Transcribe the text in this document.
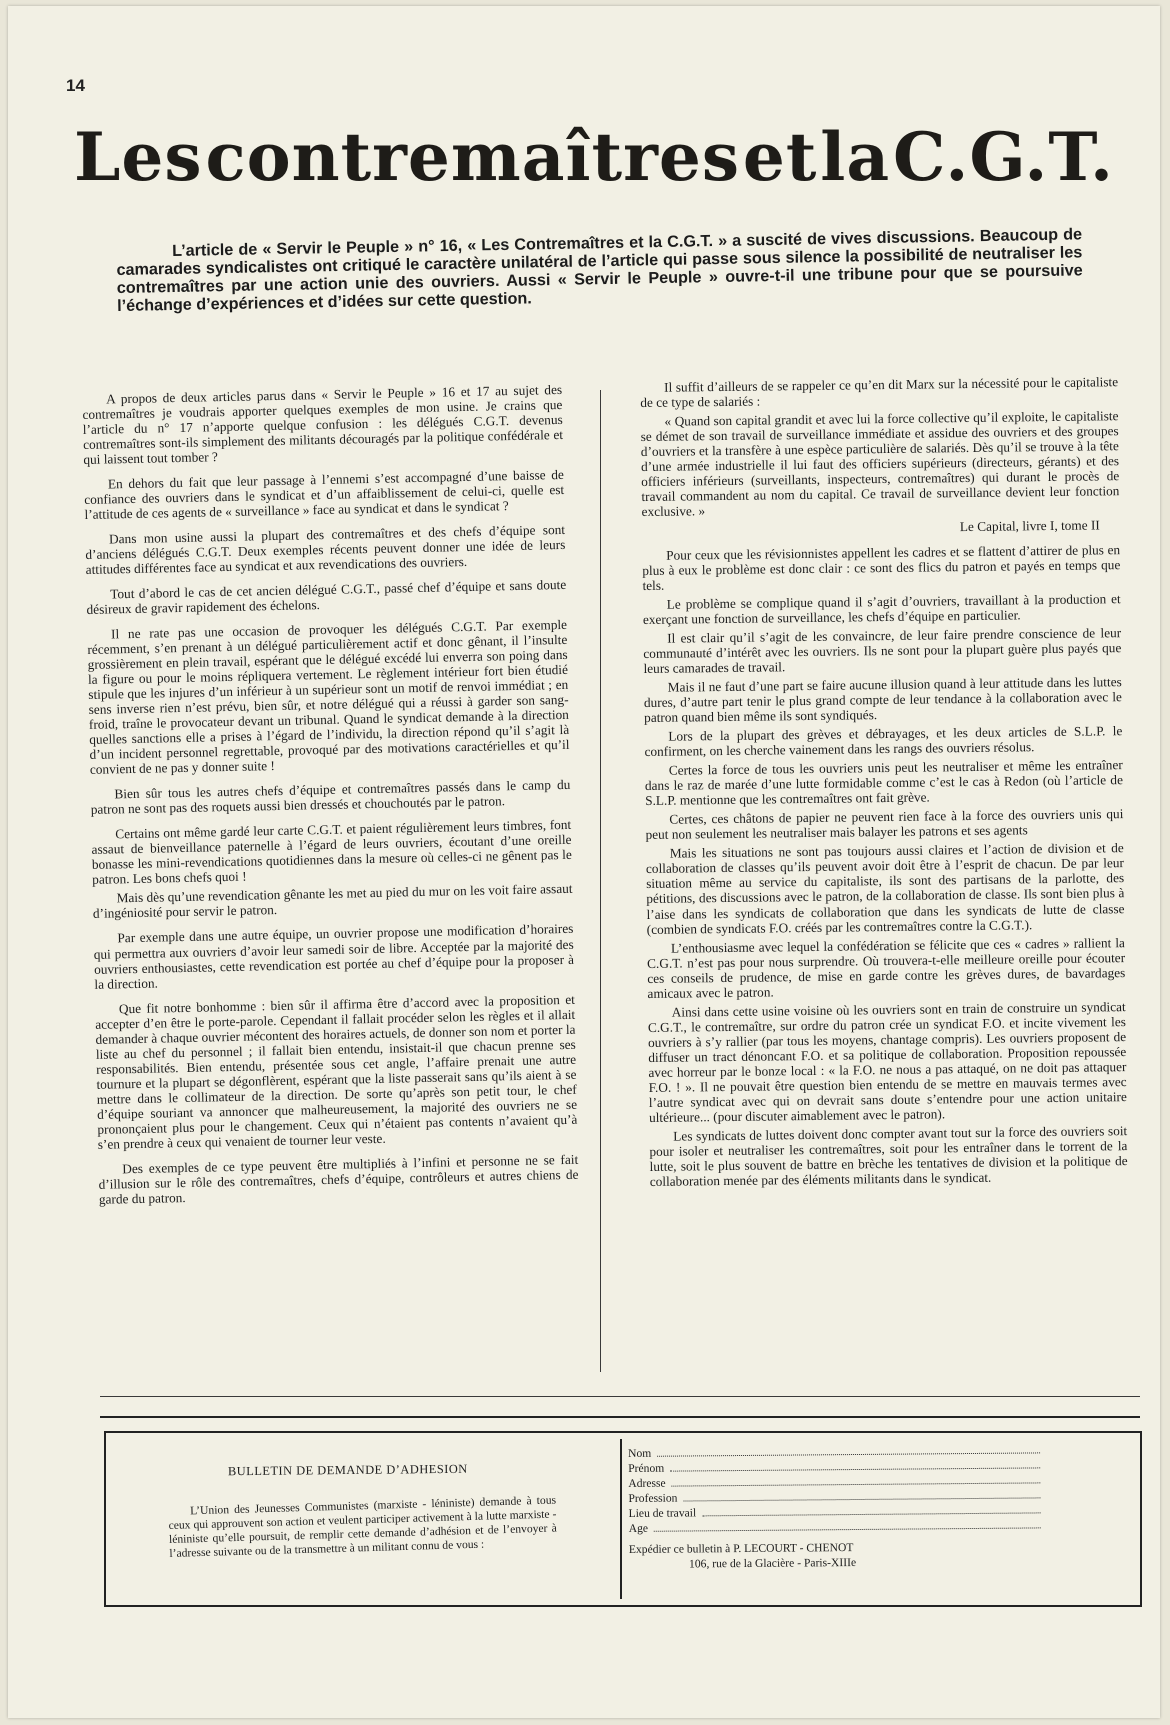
14
Les contremaîtres et la C.G.T.

L’article de « Servir le Peuple » n° 16, « Les Contremaîtres et la C.G.T. » a suscité de vives discussions. Beaucoup de camarades syndicalistes ont critiqué le caractère unilatéral de l’article qui passe sous silence la possibilité de neutraliser les contremaîtres par une action unie des ouvriers. Aussi « Servir le Peuple » ouvre-t-il une tribune pour que se poursuive l’échange d’expériences et d’idées sur cette question.

A propos de deux articles parus dans « Servir le Peuple » 16 et 17 au sujet des contremaîtres je voudrais apporter quelques exemples de mon usine. Je crains que l’article du n° 17 n’apporte quelque confusion : les délégués C.G.T. devenus contremaîtres sont-ils simplement des militants découragés par la politique confédérale et qui laissent tout tomber ?

En dehors du fait que leur passage à l’ennemi s’est accompagné d’une baisse de confiance des ouvriers dans le syndicat et d’un affaiblissement de celui-ci, quelle est l’attitude de ces agents de « surveillance » face au syndicat et dans le syndicat ?

Dans mon usine aussi la plupart des contremaîtres et des chefs d’équipe sont d’anciens délégués C.G.T. Deux exemples récents peuvent donner une idée de leurs attitudes différentes face au syndicat et aux revendications des ouvriers.

Tout d’abord le cas de cet ancien délégué C.G.T., passé chef d’équipe et sans doute désireux de gravir rapidement des échelons.

Il ne rate pas une occasion de provoquer les délégués C.G.T. Par exemple récemment, s’en prenant à un délégué particulièrement actif et donc gênant, il l’insulte grossièrement en plein travail, espérant que le délégué excédé lui enverra son poing dans la figure ou pour le moins répliquera vertement. Le règlement intérieur fort bien étudié stipule que les injures d’un inférieur à un supérieur sont un motif de renvoi immédiat ; en sens inverse rien n’est prévu, bien sûr, et notre délégué qui a réussi à garder son sang-froid, traîne le provocateur devant un tribunal. Quand le syndicat demande à la direction quelles sanctions elle a prises à l’égard de l’individu, la direction répond qu’il s’agit là d’un incident personnel regrettable, provoqué par des motivations caractérielles et qu’il convient de ne pas y donner suite !

Bien sûr tous les autres chefs d’équipe et contremaîtres passés dans le camp du patron ne sont pas des roquets aussi bien dressés et chouchoutés par le patron.

Certains ont même gardé leur carte C.G.T. et paient régulièrement leurs timbres, font assaut de bienveillance paternelle à l’égard de leurs ouvriers, écoutant d’une oreille bonasse les mini-revendications quotidiennes dans la mesure où celles-ci ne gênent pas le patron. Les bons chefs quoi !

Mais dès qu’une revendication gênante les met au pied du mur on les voit faire assaut d’ingéniosité pour servir le patron.

Par exemple dans une autre équipe, un ouvrier propose une modification d’horaires qui permettra aux ouvriers d’avoir leur samedi soir de libre. Acceptée par la majorité des ouvriers enthousiastes, cette revendication est portée au chef d’équipe pour la proposer à la direction.

Que fit notre bonhomme : bien sûr il affirma être d’accord avec la proposition et accepter d’en être le porte-parole. Cependant il fallait procéder selon les règles et il allait demander à chaque ouvrier mécontent des horaires actuels, de donner son nom et porter la liste au chef du personnel ; il fallait bien entendu, insistait-il que chacun prenne ses responsabilités. Bien entendu, présentée sous cet angle, l’affaire prenait une autre tournure et la plupart se dégonflèrent, espérant que la liste passerait sans qu’ils aient à se mettre dans le collimateur de la direction. De sorte qu’après son petit tour, le chef d’équipe souriant va annoncer que malheureusement, la majorité des ouvriers ne se prononçaient plus pour le changement. Ceux qui n’étaient pas contents n’avaient qu’à s’en prendre à ceux qui venaient de tourner leur veste.

Des exemples de ce type peuvent être multipliés à l’infini et personne ne se fait d’illusion sur le rôle des contremaîtres, chefs d’équipe, contrôleurs et autres chiens de garde du patron.

Il suffit d’ailleurs de se rappeler ce qu’en dit Marx sur la nécessité pour le capitaliste de ce type de salariés :

« Quand son capital grandit et avec lui la force collective qu’il exploite, le capitaliste se démet de son travail de surveillance immédiate et assidue des ouvriers et des groupes d’ouvriers et la transfère à une espèce particulière de salariés. Dès qu’il se trouve à la tête d’une armée industrielle il lui faut des officiers supérieurs (directeurs, gérants) et des officiers inférieurs (surveillants, inspecteurs, contremaîtres) qui durant le procès de travail commandent au nom du capital. Ce travail de surveillance devient leur fonction exclusive. »

Le Capital, livre I, tome II

Pour ceux que les révisionnistes appellent les cadres et se flattent d’attirer de plus en plus à eux le problème est donc clair : ce sont des flics du patron et payés en temps que tels.

Le problème se complique quand il s’agit d’ouvriers, travaillant à la production et exerçant une fonction de surveillance, les chefs d’équipe en particulier.

Il est clair qu’il s’agit de les convaincre, de leur faire prendre conscience de leur communauté d’intérêt avec les ouvriers. Ils ne sont pour la plupart guère plus payés que leurs camarades de travail.

Mais il ne faut d’une part se faire aucune illusion quand à leur attitude dans les luttes dures, d’autre part tenir le plus grand compte de leur tendance à la collaboration avec le patron quand bien même ils sont syndiqués.

Lors de la plupart des grèves et débrayages, et les deux articles de S.L.P. le confirment, on les cherche vainement dans les rangs des ouvriers résolus.

Certes la force de tous les ouvriers unis peut les neutraliser et même les entraîner dans le raz de marée d’une lutte formidable comme c’est le cas à Redon (où l’article de S.L.P. mentionne que les contremaîtres ont fait grève.

Certes, ces châtons de papier ne peuvent rien face à la force des ouvriers unis qui peut non seulement les neutraliser mais balayer les patrons et ses agents

Mais les situations ne sont pas toujours aussi claires et l’action de division et de collaboration de classes qu’ils peuvent avoir doit être à l’esprit de chacun. De par leur situation même au service du capitaliste, ils sont des partisans de la parlotte, des pétitions, des discussions avec le patron, de la collaboration de classe. Ils sont bien plus à l’aise dans les syndicats de collaboration que dans les syndicats de lutte de classe (combien de syndicats F.O. créés par les contremaîtres contre la C.G.T.).

L’enthousiasme avec lequel la confédération se félicite que ces « cadres » rallient la C.G.T. n’est pas pour nous surprendre. Où trouvera-t-elle meilleure oreille pour écouter ces conseils de prudence, de mise en garde contre les grèves dures, de bavardages amicaux avec le patron.

Ainsi dans cette usine voisine où les ouvriers sont en train de construire un syndicat C.G.T., le contremaître, sur ordre du patron crée un syndicat F.O. et incite vivement les ouvriers à s’y rallier (par tous les moyens, chantage compris). Les ouvriers proposent de diffuser un tract dénoncant F.O. et sa politique de collaboration. Proposition repoussée avec horreur par le bonze local : « la F.O. ne nous a pas attaqué, on ne doit pas attaquer F.O. ! ». Il ne pouvait être question bien entendu de se mettre en mauvais termes avec l’autre syndicat avec qui on devrait sans doute s’entendre pour une action unitaire ultérieure... (pour discuter aimablement avec le patron).

Les syndicats de luttes doivent donc compter avant tout sur la force des ouvriers soit pour isoler et neutraliser les contremaîtres, soit pour les entraîner dans le torrent de la lutte, soit le plus souvent de battre en brèche les tentatives de division et la politique de collaboration menée par des éléments militants dans le syndicat.

BULLETIN DE DEMANDE D’ADHESION

L’Union des Jeunesses Communistes (marxiste - léniniste) demande à tous ceux qui approuvent son action et veulent participer activement à la lutte marxiste - léniniste qu’elle poursuit, de remplir cette demande d’adhésion et de l’envoyer à l’adresse suivante ou de la transmettre à un militant connu de vous :

Nom
Prénom
Adresse
Profession
Lieu de travail
Age
Expédier ce bulletin à P. LECOURT - CHENOT
106, rue de la Glacière - Paris-XIIIe
